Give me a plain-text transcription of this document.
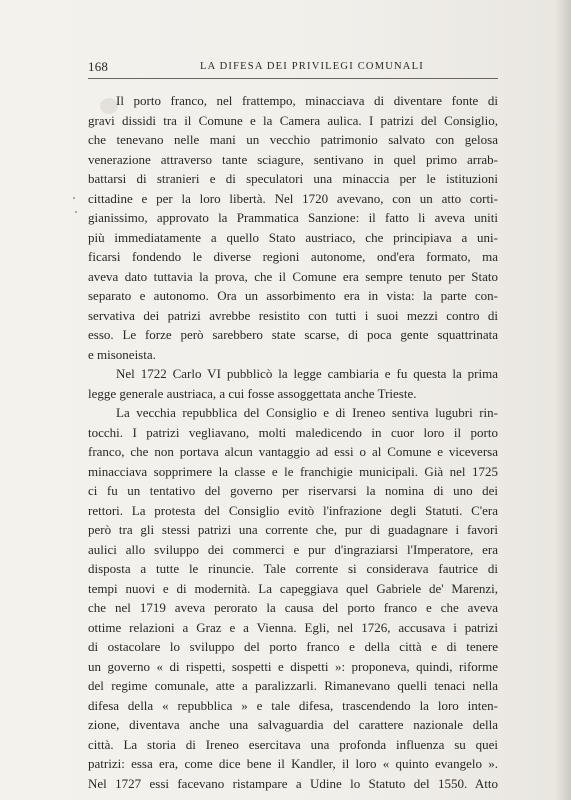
168	LA DIFESA DEI PRIVILEGI COMUNALI
Il porto franco, nel frattempo, minacciava di diventare fonte di
gravi dissidi tra il Comune e la Camera aulica. I patrizi del Consiglio,
che tenevano nelle mani un vecchio patrimonio salvato con gelosa
venerazione attraverso tante sciagure, sentivano in quel primo arrab-
battarsi di stranieri e di speculatori una minaccia per le istituzioni
cittadine e per la loro libertà. Nel 1720 avevano, con un atto corti-
gianissimo, approvato la Prammatica Sanzione: il fatto li aveva uniti
più immediatamente a quello Stato austriaco, che principiava a uni-
ficarsi fondendo le diverse regioni autonome, ond'era formato, ma
aveva dato tuttavia la prova, che il Comune era sempre tenuto per Stato
separato e autonomo. Ora un assorbimento era in vista: la parte con-
servativa dei patrizi avrebbe resistito con tutti i suoi mezzi contro di
esso. Le forze però sarebbero state scarse, di poca gente squattrinata
e misoneista.
Nel 1722 Carlo VI pubblicò la legge cambiaria e fu questa la prima
legge generale austriaca, a cui fosse assoggettata anche Trieste.
La vecchia repubblica del Consiglio e di Ireneo sentiva lugubri rin-
tocchi. I patrizi vegliavano, molti maledicendo in cuor loro il porto
franco, che non portava alcun vantaggio ad essi o al Comune e viceversa
minacciava sopprimere la classe e le franchigie municipali. Già nel 1725
ci fu un tentativo del governo per riservarsi la nomina di uno dei
rettori. La protesta del Consiglio evitò l'infrazione degli Statuti. C'era
però tra gli stessi patrizi una corrente che, pur di guadagnare i favori
aulici allo sviluppo dei commerci e pur d'ingraziarsi l'Imperatore, era
disposta a tutte le rinuncie. Tale corrente si considerava fautrice di
tempi nuovi e di modernità. La capeggiava quel Gabriele de' Marenzi,
che nel 1719 aveva perorato la causa del porto franco e che aveva
ottime relazioni a Graz e a Vienna. Egli, nel 1726, accusava i patrizi
di ostacolare lo sviluppo del porto franco e della città e di tenere
un governo « di rispetti, sospetti e dispetti »: proponeva, quindi, riforme
del regime comunale, atte a paralizzarli. Rimanevano quelli tenaci nella
difesa della « repubblica » e tale difesa, trascendendo la loro inten-
zione, diventava anche una salvaguardia del carattere nazionale della
città. La storia di Ireneo esercitava una profonda influenza su quei
patrizi: essa era, come dice bene il Kandler, il loro « quinto evangelo ».
Nel 1727 essi facevano ristampare a Udine lo Statuto del 1550. Atto
